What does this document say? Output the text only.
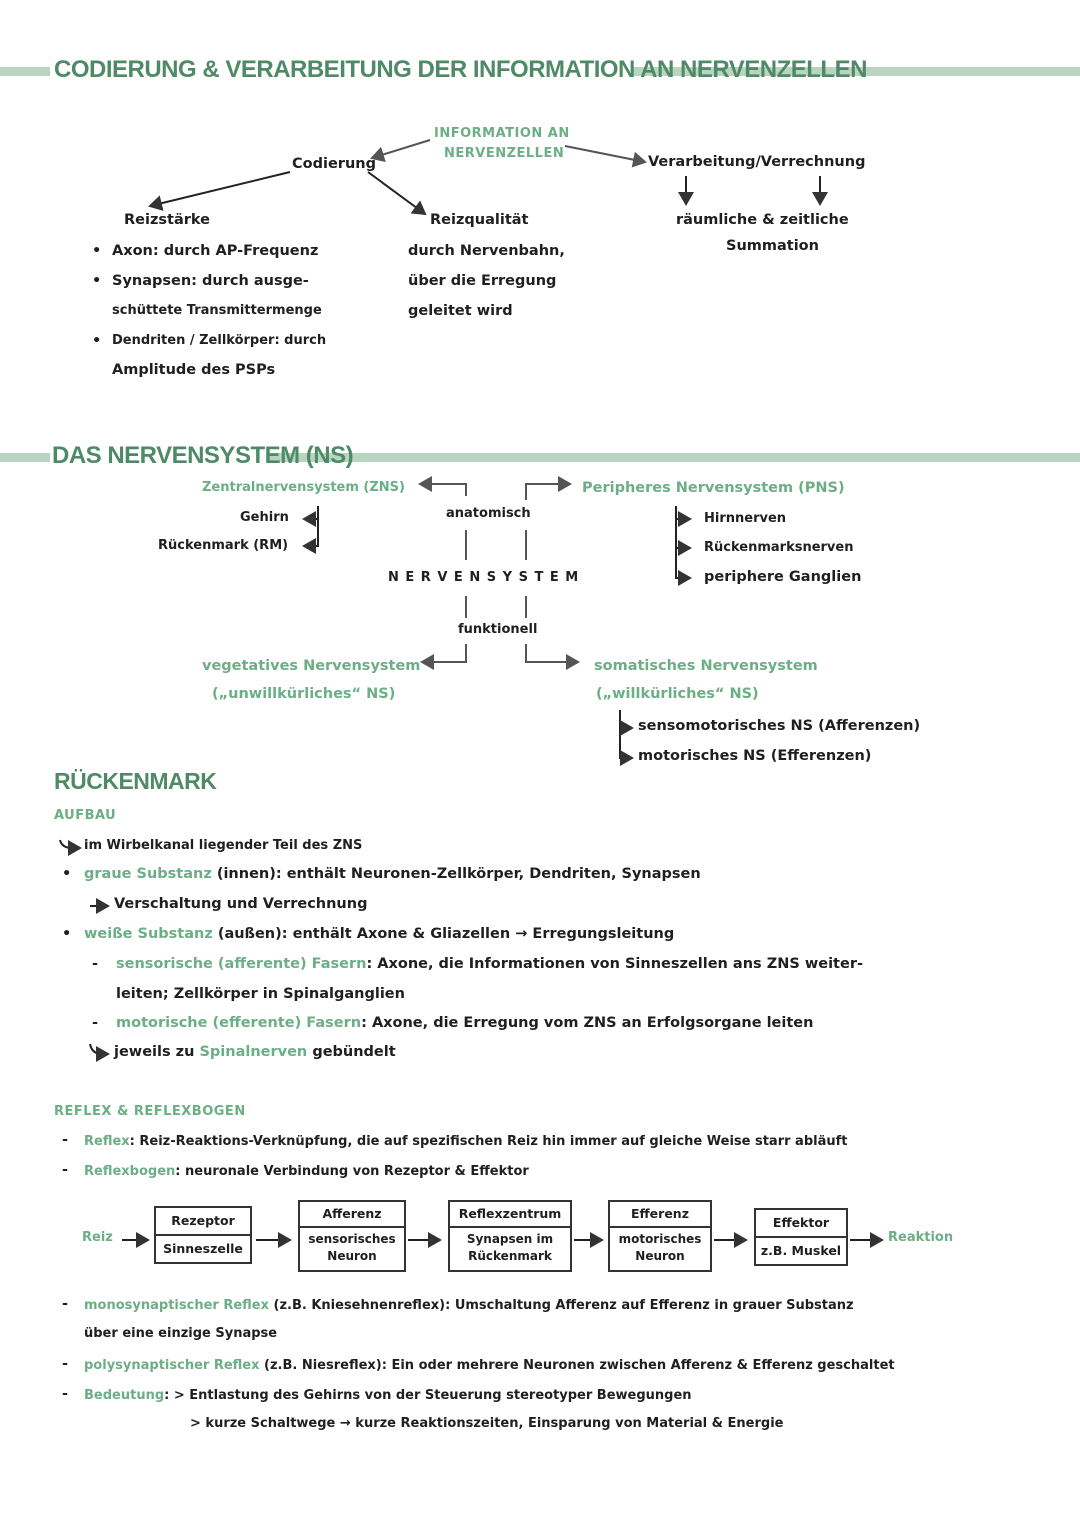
CODIERUNG & VERARBEITUNG DER INFORMATION AN NERVENZELLEN
INFORMATION AN
NERVENZELLEN
Codierung	Verarbeitung/Verrechnung
räumliche & zeitliche
Summation
Reizstärke
• Axon: durch AP-Frequenz
• Synapsen: durch ausge-
schüttete Transmittermenge
• Dendriten / Zellkörper: durch
Amplitude des PSPs
Reizqualität
durch Nervenbahn,
über die Erregung
geleitet wird
DAS NERVENSYSTEM (NS)
Zentralnervensystem (ZNS)
Gehirn
Rückenmark (RM)
anatomisch
N E R V E N S Y S T E M
funktionell
Peripheres Nervensystem (PNS)
Hirnnerven
Rückenmarksnerven
periphere Ganglien
vegetatives Nervensystem
(„unwillkürliches“ NS)
somatisches Nervensystem
(„willkürliches“ NS)
sensomotorisches NS (Afferenzen)
motorisches NS (Efferenzen)
RÜCKENMARK
AUFBAU
im Wirbelkanal liegender Teil des ZNS
• graue Substanz (innen): enthält Neuronen-Zellkörper, Dendriten, Synapsen
Verschaltung und Verrechnung
• weiße Substanz (außen): enthält Axone & Gliazellen → Erregungsleitung
- sensorische (afferente) Fasern: Axone, die Informationen von Sinneszellen ans ZNS weiter-
leiten; Zellkörper in Spinalganglien
- motorische (efferente) Fasern: Axone, die Erregung vom ZNS an Erfolgsorgane leiten
jeweils zu Spinalnerven gebündelt
REFLEX & REFLEXBOGEN
- Reflex: Reiz-Reaktions-Verknüpfung, die auf spezifischen Reiz hin immer auf gleiche Weise starr abläuft
- Reflexbogen: neuronale Verbindung von Rezeptor & Effektor
Reiz
Rezeptor
Sinneszelle
Afferenz
sensorisches Neuron
Reflexzentrum
Synapsen im Rückenmark
Efferenz
motorisches Neuron
Effektor
z.B. Muskel
Reaktion
- monosynaptischer Reflex (z.B. Kniesehnenreflex): Umschaltung Afferenz auf Efferenz in grauer Substanz
über eine einzige Synapse
- polysynaptischer Reflex (z.B. Niesreflex): Ein oder mehrere Neuronen zwischen Afferenz & Efferenz geschaltet
- Bedeutung: > Entlastung des Gehirns von der Steuerung stereotyper Bewegungen
> kurze Schaltwege → kurze Reaktionszeiten, Einsparung von Material & Energie
